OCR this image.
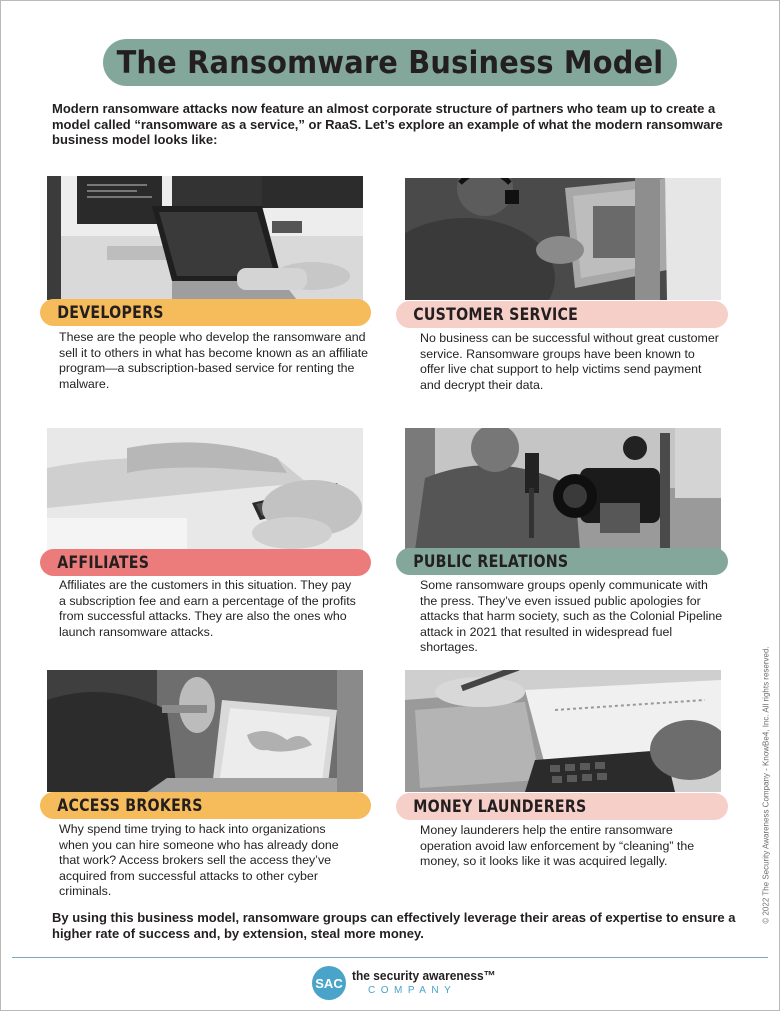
The Ransomware Business Model
Modern ransomware attacks now feature an almost corporate structure of partners who team up to create a model called “ransomware as a service,” or RaaS. Let’s explore an example of what the modern ransomware business model looks like:
DEVELOPERS	CUSTOMER SERVICE
AFFILIATES	PUBLIC RELATIONS
ACCESS BROKERS	MONEY LAUNDERERS
These are the people who develop the ransomware and sell it to others in what has become known as an affiliate program—a subscription-based service for renting the malware.
No business can be successful without great customer service. Ransomware groups have been known to offer live chat support to help victims send payment and decrypt their data.
Affiliates are the customers in this situation. They pay a subscription fee and earn a percentage of the profits from successful attacks. They are also the ones who launch ransomware attacks.
Some ransomware groups openly communicate with the press. They’ve even issued public apologies for attacks that harm society, such as the Colonial Pipeline attack in 2021 that resulted in widespread fuel shortages.
Why spend time trying to hack into organizations when you can hire someone who has already done that work? Access brokers sell the access they’ve acquired from successful attacks to other cyber criminals.
Money launderers help the entire ransomware operation avoid law enforcement by “cleaning” the money, so it looks like it was acquired legally.
By using this business model, ransomware groups can effectively leverage their areas of expertise to ensure a higher rate of success and, by extension, steal more money.
SAC the security awareness™
COMPANY
© 2022 The Security Awareness Company - KnowBe4, Inc. All rights reserved.
